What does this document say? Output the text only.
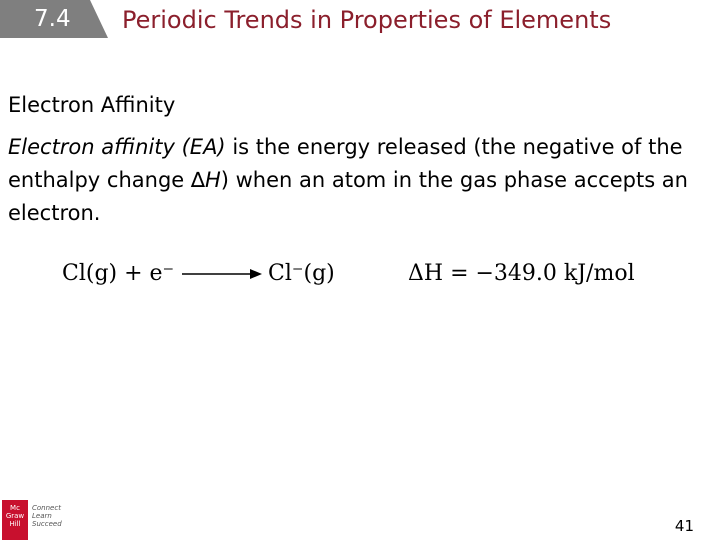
7.4 Periodic Trends in Properties of Elements
Electron Affinity
Electron affinity (EA) is the energy released (the negative of the enthalpy change ∆H) when an atom in the gas phase accepts an electron.
Cl(g) + e⁻ → Cl⁻(g)	ΔH = −349.0 kJ/mol
Mc Graw Hill
Connect Learn Succeed	41
